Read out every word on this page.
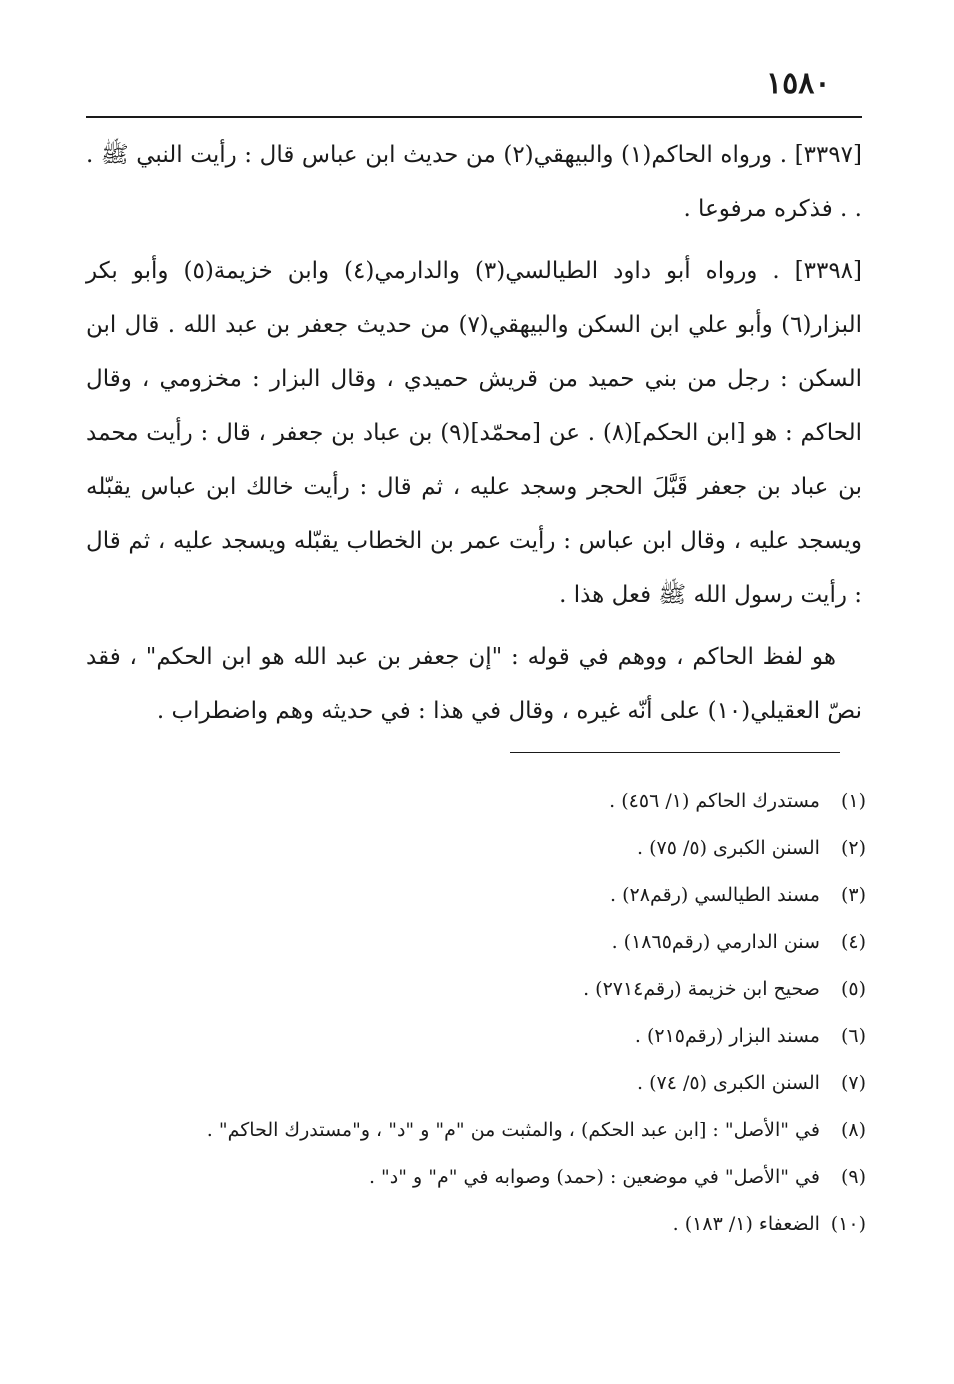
١٥٨٠

[٣٣٩٧] . ورواه الحاكم(١) والبيهقي(٢) من حديث ابن عباس قال : رأيت النبي ﷺ . . . فذكره مرفوعا .

[٣٣٩٨] . ورواه أبو داود الطيالسي(٣) والدارمي(٤) وابن خزيمة(٥) وأبو بكر البزار(٦) وأبو علي ابن السكن والبيهقي(٧) من حديث جعفر بن عبد الله . قال ابن السكن : رجل من بني حميد من قريش حميدي ، وقال البزار : مخزومي ، وقال الحاكم : هو [ابن الحكم](٨) . عن [محمّد](٩) بن عباد بن جعفر ، قال : رأيت محمد بن عباد بن جعفر قَبَّلَ الحجر وسجد عليه ، ثم قال : رأيت خالك ابن عباس يقبّله ويسجد عليه ، وقال ابن عباس : رأيت عمر بن الخطاب يقبّله ويسجد عليه ، ثم قال : رأيت رسول الله ﷺ فعل هذا .

هو لفظ الحاكم ، ووهم في قوله : "إن جعفر بن عبد الله هو ابن الحكم" ، فقد نصّ العقيلي(١٠) على أنّه غيره ، وقال في هذا : في حديثه وهم واضطراب .

(١) مستدرك الحاكم (١/ ٤٥٦) .
(٢) السنن الكبرى (٥/ ٧٥) .
(٣) مسند الطيالسي (رقم٢٨) .
(٤) سنن الدارمي (رقم١٨٦٥) .
(٥) صحيح ابن خزيمة (رقم٢٧١٤) .
(٦) مسند البزار (رقم٢١٥) .
(٧) السنن الكبرى (٥/ ٧٤) .
(٨) في "الأصل" : [ابن عبد الحكم) ، والمثبت من "م" و "د" ، و"مستدرك الحاكم" .
(٩) في "الأصل" في موضعين : (حمد) وصوابه في "م" و "د" .
(١٠) الضعفاء (١/ ١٨٣) .
